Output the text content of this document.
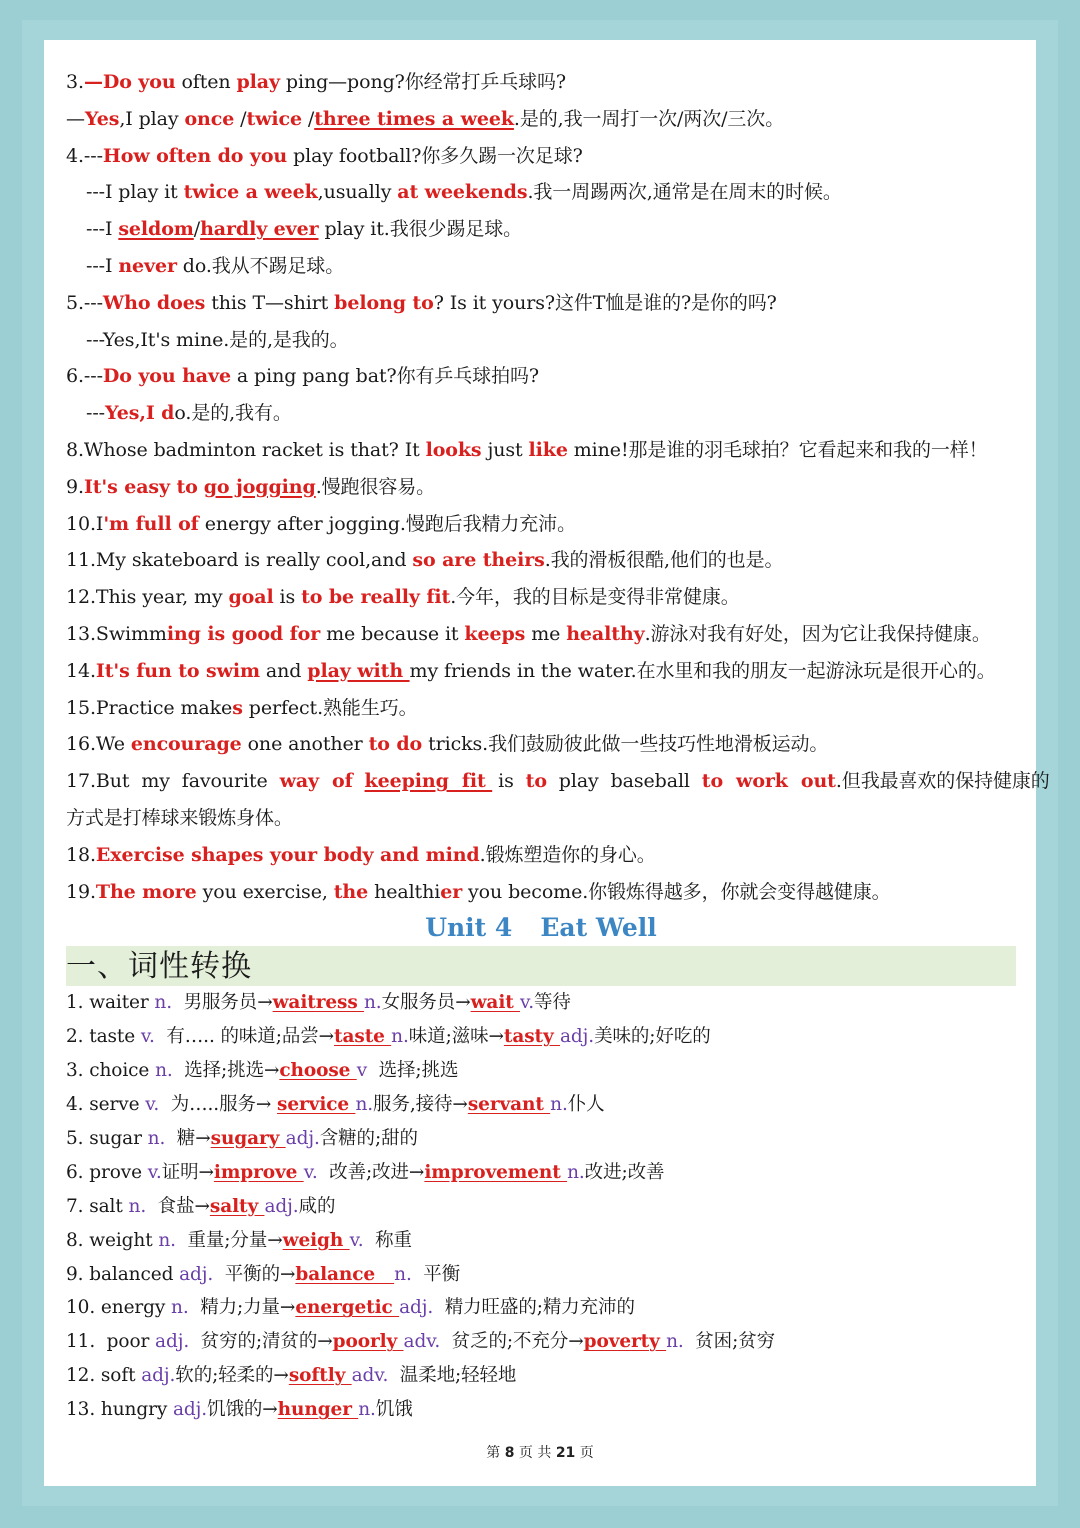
3.—Do you often play ping—pong?你经常打乒乓球吗?
—Yes,I play once /twice /three times a week.是的,我一周打一次/两次/三次。
4.---How often do you play football?你多久踢一次足球?
---I play it twice a week,usually at weekends.我一周踢两次,通常是在周末的时候。
---I seldom/hardly ever play it.我很少踢足球。
---I never do.我从不踢足球。
5.---Who does this T—shirt belong to? Is it yours?这件T恤是谁的?是你的吗?
---Yes,It's mine.是的,是我的。
6.---Do you have a ping pang bat?你有乒乓球拍吗?
---Yes,I do.是的,我有。
8.Whose badminton racket is that? It looks just like mine!那是谁的羽毛球拍？它看起来和我的一样！
9.It's easy to go jogging.慢跑很容易。
10.I'm full of energy after jogging.慢跑后我精力充沛。
11.My skateboard is really cool,and so are theirs.我的滑板很酷,他们的也是。
12.This year, my goal is to be really fit.今年，我的目标是变得非常健康。
13.Swimming is good for me because it keeps me healthy.游泳对我有好处，因为它让我保持健康。
14.It's fun to swim and play with my friends in the water.在水里和我的朋友一起游泳玩是很开心的。
15.Practice makes perfect.熟能生巧。
16.We encourage one another to do tricks.我们鼓励彼此做一些技巧性地滑板运动。
17.But  my  favourite  way  of keeping  fit  is  to  play  baseball  to  work  out.但我最喜欢的保持健康的
方式是打棒球来锻炼身体。
18.Exercise shapes your body and mind.锻炼塑造你的身心。
19.The more you exercise, the healthier you become.你锻炼得越多，你就会变得越健康。
Unit 4 Eat Well
一、词性转换
1. waiter n.  男服务员→waitress n.女服务员→wait v.等待
2. taste v.  有….. 的味道;品尝→taste n.味道;滋味→tasty adj.美味的;好吃的
3. choice n.  选择;挑选→choose v  选择;挑选
4. serve v.  为…..服务→ service n.服务,接待→servant n.仆人
5. sugar n.  糖→sugary adj.含糖的;甜的
6. prove v.证明→improve v.  改善;改进→improvement n.改进;改善
7. salt n.  食盐→salty adj.咸的
8. weight n.  重量;分量→weigh v.  称重
9. balanced adj.  平衡的→balance   n.  平衡
10. energy n.  精力;力量→energetic adj.  精力旺盛的;精力充沛的
11.  poor adj.  贫穷的;清贫的→poorly adv.  贫乏的;不充分→poverty n.  贫困;贫穷
12. soft adj.软的;轻柔的→softly adv.  温柔地;轻轻地
13. hungry adj.饥饿的→hunger n.饥饿
第 8 页 共 21 页
